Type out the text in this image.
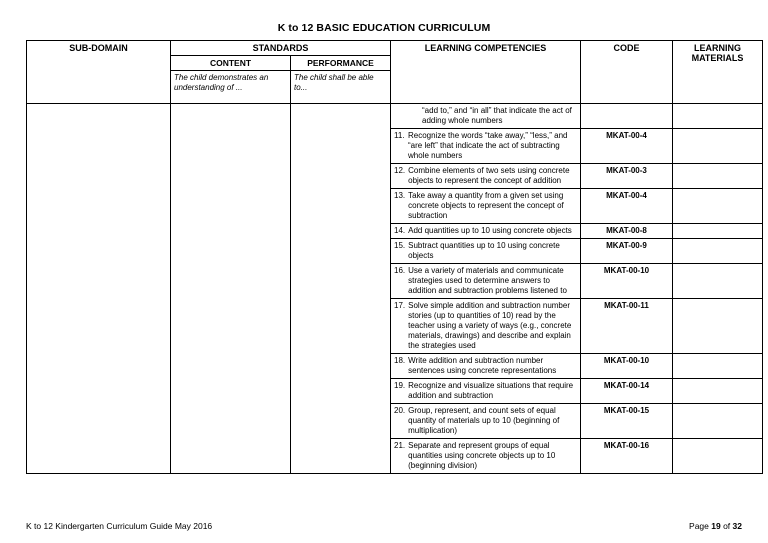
K to 12 BASIC EDUCATION CURRICULUM
SUB-DOMAIN	STANDARDS		LEARNING COMPETENCIES	CODE	LEARNING
MATERIALS
	CONTENT	PERFORMANCE			
	The child demonstrates an understanding of ...	The child shall be able to...			

			“add to,” and “in all” that indicate the act of adding whole numbers		

			11. Recognize the words “take away,” “less,” and “are left” that indicate the act of subtracting whole numbers	MKAT-00-4	

			12. Combine elements of two sets using concrete objects to represent the concept of addition	MKAT-00-3	

			13. Take away a quantity from a given set using concrete objects to represent the concept of subtraction	MKAT-00-4	

			14. Add quantities up to 10 using concrete objects	MKAT-00-8	

			15. Subtract quantities up to 10 using concrete objects	MKAT-00-9	

			16. Use a variety of materials and communicate strategies used to determine answers to addition and subtraction problems listened to	MKAT-00-10	

			17. Solve simple addition and subtraction number stories (up to quantities of 10) read by the teacher using a variety of ways (e.g., concrete materials, drawings) and describe and explain the strategies used	MKAT-00-11	

			18. Write addition and subtraction number sentences using concrete representations	MKAT-00-10	

			19. Recognize and visualize situations that require addition and subtraction	MKAT-00-14	

			20. Group, represent, and count sets of equal quantity of materials up to 10 (beginning of multiplication)	MKAT-00-15	

			21. Separate and represent groups of equal quantities using concrete objects up to 10 (beginning division)	MKAT-00-16	
K to 12 Kindergarten Curriculum Guide May 2016	Page 19 of 32
